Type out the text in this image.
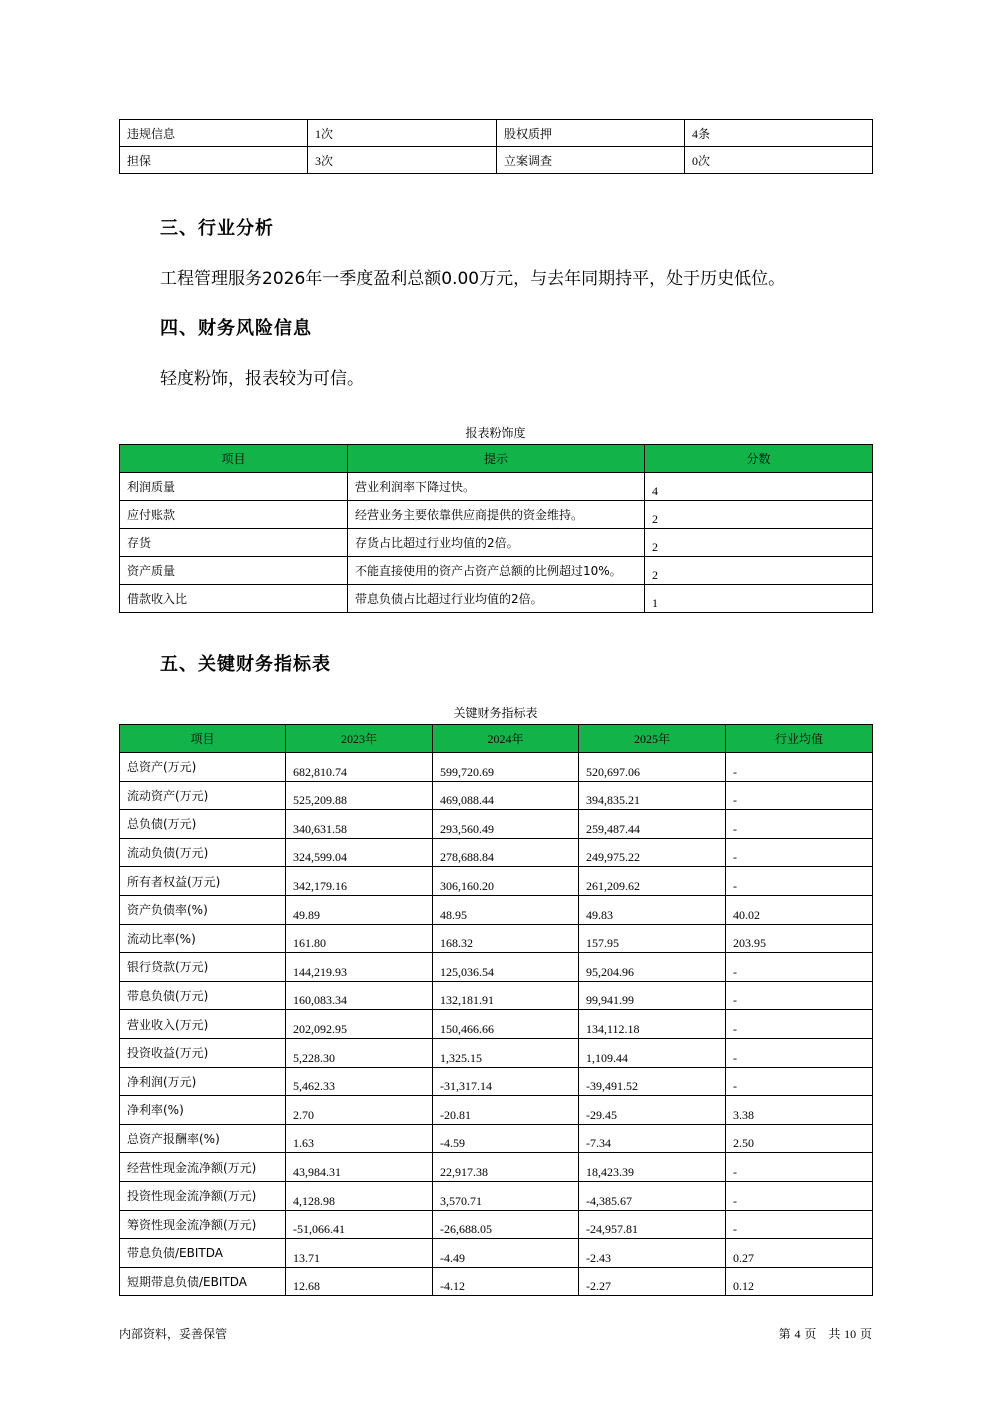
违规信息	1次	股权质押	4条
担保	3次	立案调查	0次
三、行业分析
工程管理服务2026年一季度盈利总额0.00万元，与去年同期持平，处于历史低位。
四、财务风险信息
轻度粉饰，报表较为可信。
报表粉饰度
项目	提示	分数
利润质量	营业利润率下降过快。	4
应付账款	经营业务主要依靠供应商提供的资金维持。	2
存货	存货占比超过行业均值的2倍。	2
资产质量	不能直接使用的资产占资产总额的比例超过10%。	2
借款收入比	带息负债占比超过行业均值的2倍。	1
五、关键财务指标表
关键财务指标表
项目	2023年	2024年	2025年	行业均值
总资产(万元)	682,810.74	599,720.69	520,697.06	-
流动资产(万元)	525,209.88	469,088.44	394,835.21	-
总负债(万元)	340,631.58	293,560.49	259,487.44	-
流动负债(万元)	324,599.04	278,688.84	249,975.22	-
所有者权益(万元)	342,179.16	306,160.20	261,209.62	-
资产负债率(%)	49.89	48.95	49.83	40.02
流动比率(%)	161.80	168.32	157.95	203.95
银行贷款(万元)	144,219.93	125,036.54	95,204.96	-
带息负债(万元)	160,083.34	132,181.91	99,941.99	-
营业收入(万元)	202,092.95	150,466.66	134,112.18	-
投资收益(万元)	5,228.30	1,325.15	1,109.44	-
净利润(万元)	5,462.33	-31,317.14	-39,491.52	-
净利率(%)	2.70	-20.81	-29.45	3.38
总资产报酬率(%)	1.63	-4.59	-7.34	2.50
经营性现金流净额(万元)	43,984.31	22,917.38	18,423.39	-
投资性现金流净额(万元)	4,128.98	3,570.71	-4,385.67	-
筹资性现金流净额(万元)	-51,066.41	-26,688.05	-24,957.81	-
带息负债/EBITDA	13.71	-4.49	-2.43	0.27
短期带息负债/EBITDA	12.68	-4.12	-2.27	0.12
内部资料，妥善保管	第 4 页　共 10 页
